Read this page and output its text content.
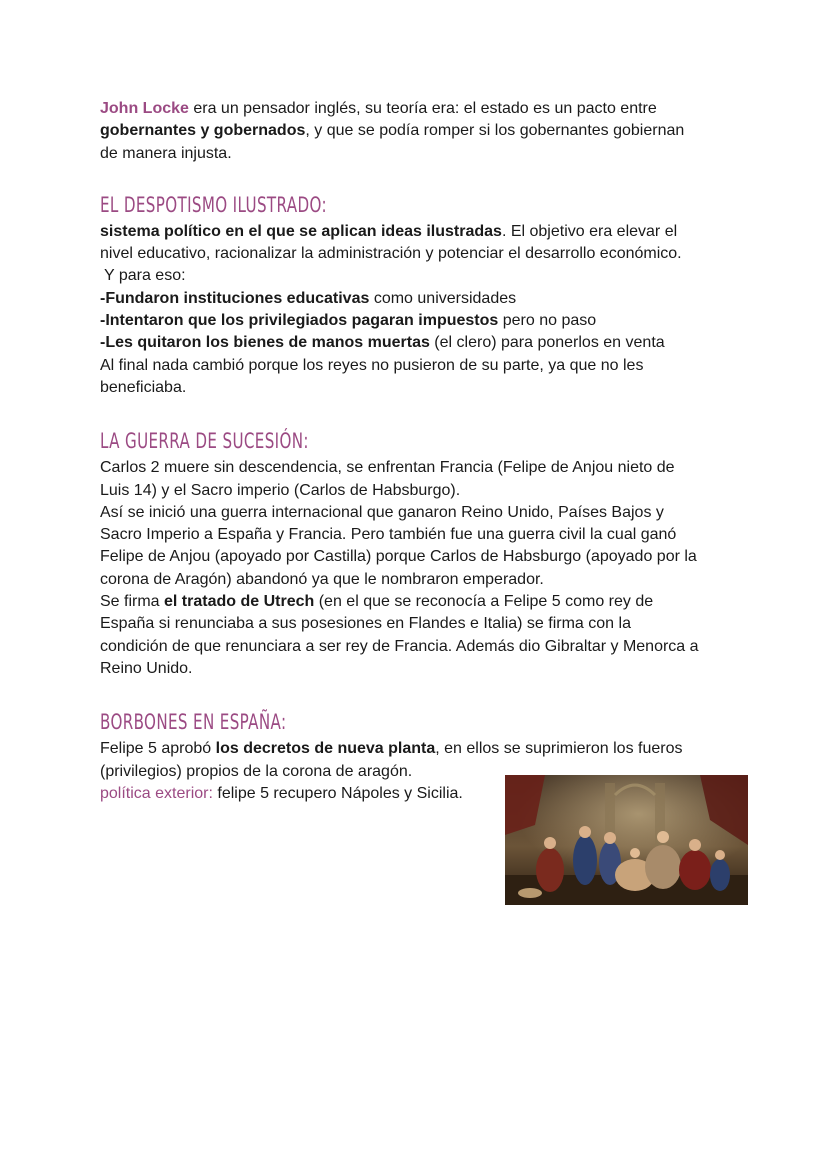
John Locke era un pensador inglés, su teoría era: el estado es un pacto entre
gobernantes y gobernados, y que se podía romper si los gobernantes gobiernan
de manera injusta.

EL DESPOTISMO ILUSTRADO:

sistema político en el que se aplican ideas ilustradas. El objetivo era elevar el
nivel educativo, racionalizar la administración y potenciar el desarrollo económico.
Y para eso:
-Fundaron instituciones educativas como universidades
-Intentaron que los privilegiados pagaran impuestos pero no paso
-Les quitaron los bienes de manos muertas (el clero) para ponerlos en venta
Al final nada cambió porque los reyes no pusieron de su parte, ya que no les
beneficiaba.

LA GUERRA DE SUCESIÓN:

Carlos 2 muere sin descendencia, se enfrentan Francia (Felipe de Anjou nieto de
Luis 14) y el Sacro imperio (Carlos de Habsburgo).
Así se inició una guerra internacional que ganaron Reino Unido, Países Bajos y
Sacro Imperio a España y Francia. Pero también fue una guerra civil la cual ganó
Felipe de Anjou (apoyado por Castilla) porque Carlos de Habsburgo (apoyado por la
corona de Aragón) abandonó ya que le nombraron emperador.
Se firma el tratado de Utrech (en el que se reconocía a Felipe 5 como rey de
España si renunciaba a sus posesiones en Flandes e Italia) se firma con la
condición de que renunciara a ser rey de Francia. Además dio Gibraltar y Menorca a
Reino Unido.

BORBONES EN ESPAÑA:

Felipe 5 aprobó los decretos de nueva planta, en ellos se suprimieron los fueros
(privilegios) propios de la corona de aragón.
política exterior: felipe 5 recupero Nápoles y Sicilia.
